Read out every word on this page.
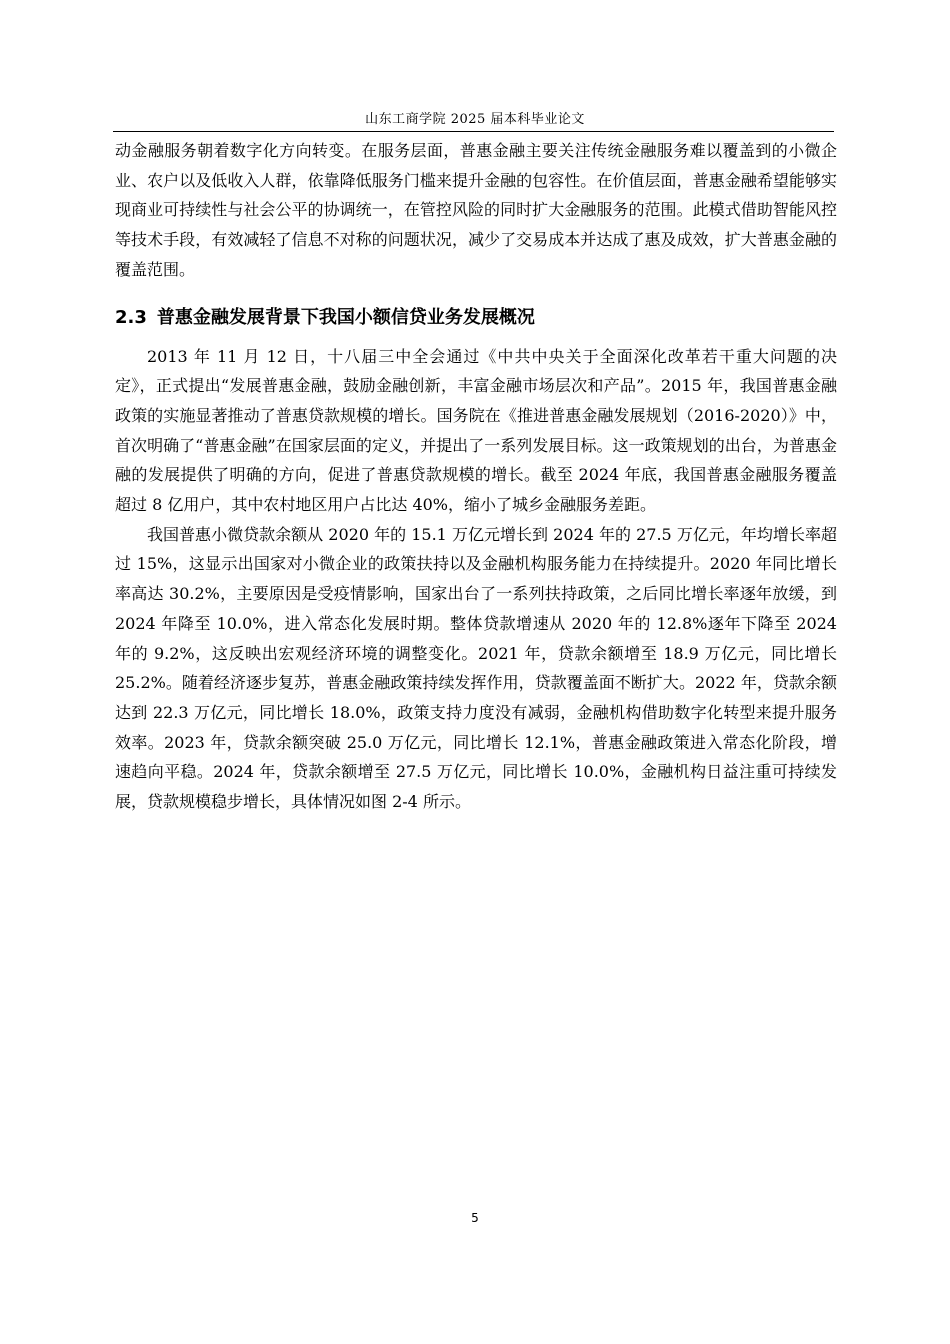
山东工商学院 2025 届本科毕业论文

动金融服务朝着数字化方向转变。在服务层面，普惠金融主要关注传统金融服务难以覆盖到的小微企业、农户以及低收入人群，依靠降低服务门槛来提升金融的包容性。在价值层面，普惠金融希望能够实现商业可持续性与社会公平的协调统一，在管控风险的同时扩大金融服务的范围。此模式借助智能风控等技术手段，有效减轻了信息不对称的问题状况，减少了交易成本并达成了惠及成效，扩大普惠金融的覆盖范围。

2.3 普惠金融发展背景下我国小额信贷业务发展概况

2013 年 11 月 12 日，十八届三中全会通过《中共中央关于全面深化改革若干重大问题的决定》，正式提出“发展普惠金融，鼓励金融创新，丰富金融市场层次和产品”。2015 年，我国普惠金融政策的实施显著推动了普惠贷款规模的增长。国务院在《推进普惠金融发展规划（2016-2020）》中，首次明确了“普惠金融”在国家层面的定义，并提出了一系列发展目标。这一政策规划的出台，为普惠金融的发展提供了明确的方向，促进了普惠贷款规模的增长。截至 2024 年底，我国普惠金融服务覆盖超过 8 亿用户，其中农村地区用户占比达 40%，缩小了城乡金融服务差距。

我国普惠小微贷款余额从 2020 年的 15.1 万亿元增长到 2024 年的 27.5 万亿元，年均增长率超过 15%，这显示出国家对小微企业的政策扶持以及金融机构服务能力在持续提升。2020 年同比增长率高达 30.2%，主要原因是受疫情影响，国家出台了一系列扶持政策，之后同比增长率逐年放缓，到 2024 年降至 10.0%，进入常态化发展时期。整体贷款增速从 2020 年的 12.8%逐年下降至 2024 年的 9.2%，这反映出宏观经济环境的调整变化。2021 年，贷款余额增至 18.9 万亿元，同比增长 25.2%。随着经济逐步复苏，普惠金融政策持续发挥作用，贷款覆盖面不断扩大。2022 年，贷款余额达到 22.3 万亿元，同比增长 18.0%，政策支持力度没有减弱，金融机构借助数字化转型来提升服务效率。2023 年，贷款余额突破 25.0 万亿元，同比增长 12.1%，普惠金融政策进入常态化阶段，增速趋向平稳。2024 年，贷款余额增至 27.5 万亿元，同比增长 10.0%，金融机构日益注重可持续发展，贷款规模稳步增长，具体情况如图 2-4 所示。

5
